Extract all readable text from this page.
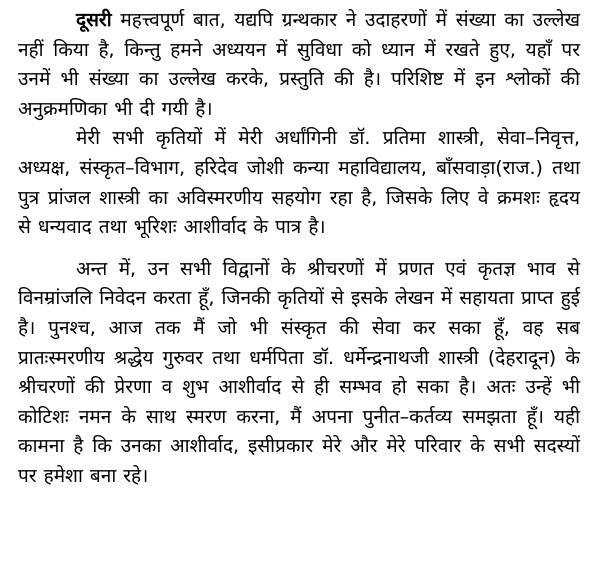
दूसरी महत्त्वपूर्ण बात, यद्यपि ग्रन्थकार ने उदाहरणों में संख्या का उल्लेख नहीं किया है, किन्तु हमने अध्ययन में सुविधा को ध्यान में रखते हुए, यहाँ पर उनमें भी संख्या का उल्लेख करके, प्रस्तुति की है। परिशिष्ट में इन श्लोकों की अनुक्रमणिका भी दी गयी है।

मेरी सभी कृतियों में मेरी अर्धांगिनी डॉ. प्रतिमा शास्त्री, सेवा–निवृत्त, अध्यक्ष, संस्कृत–विभाग, हरिदेव जोशी कन्या महाविद्यालय, बाँसवाड़ा(राज.) तथा पुत्र प्रांजल शास्त्री का अविस्मरणीय सहयोग रहा है, जिसके लिए वे क्रमशः हृदय से धन्यवाद तथा भूरिशः आशीर्वाद के पात्र है।

अन्त में, उन सभी विद्वानों के श्रीचरणों में प्रणत एवं कृतज्ञ भाव से विनम्रांजलि निवेदन करता हूँ, जिनकी कृतियों से इसके लेखन में सहायता प्राप्त हुई है। पुनश्च, आज तक मैं जो भी संस्कृत की सेवा कर सका हूँ, वह सब प्रातःस्मरणीय श्रद्धेय गुरुवर तथा धर्मपिता डॉ. धर्मेन्द्रनाथजी शास्त्री (देहरादून) के श्रीचरणों की प्रेरणा व शुभ आशीर्वाद से ही सम्भव हो सका है। अतः उन्हें भी कोटिशः नमन के साथ स्मरण करना, मैं अपना पुनीत–कर्तव्य समझता हूँ। यही कामना है कि उनका आशीर्वाद, इसीप्रकार मेरे और मेरे परिवार के सभी सदस्यों पर हमेशा बना रहे।
